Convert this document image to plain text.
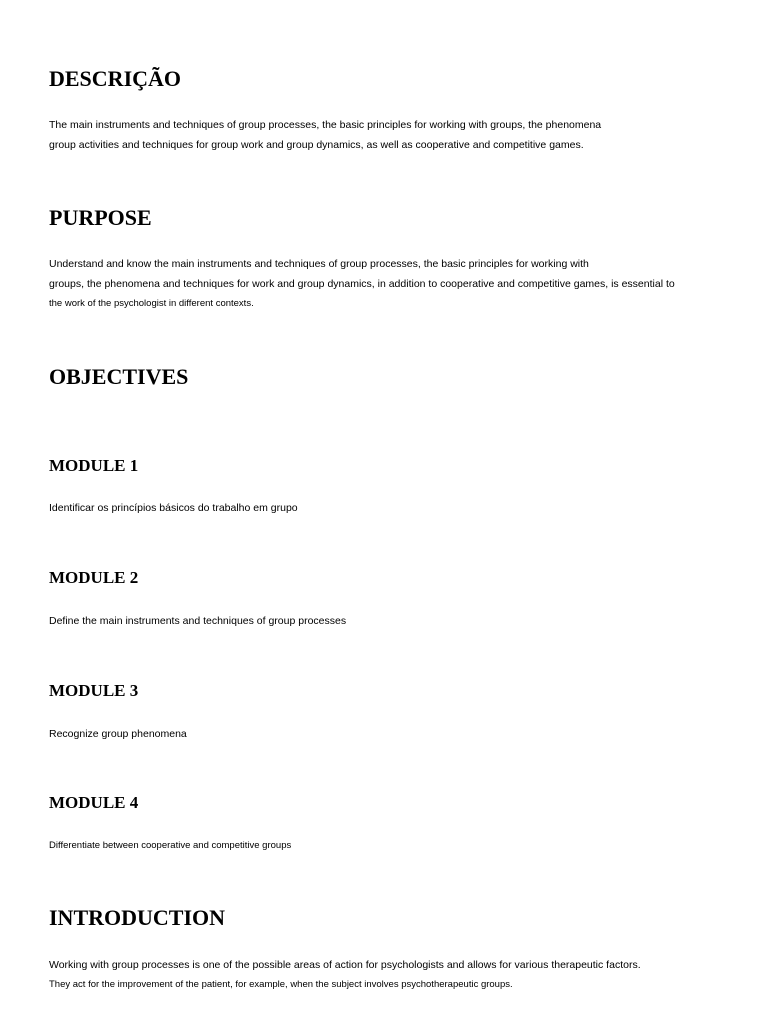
DESCRIÇÃO
The main instruments and techniques of group processes, the basic principles for working with groups, the phenomena
group activities and techniques for group work and group dynamics, as well as cooperative and competitive games.
PURPOSE
Understand and know the main instruments and techniques of group processes, the basic principles for working with
groups, the phenomena and techniques for work and group dynamics, in addition to cooperative and competitive games, is essential to
the work of the psychologist in different contexts.
OBJECTIVES
MODULE 1
Identificar os princípios básicos do trabalho em grupo
MODULE 2
Define the main instruments and techniques of group processes
MODULE 3
Recognize group phenomena
MODULE 4
Differentiate between cooperative and competitive groups
INTRODUCTION
Working with group processes is one of the possible areas of action for psychologists and allows for various therapeutic factors.
They act for the improvement of the patient, for example, when the subject involves psychotherapeutic groups.
